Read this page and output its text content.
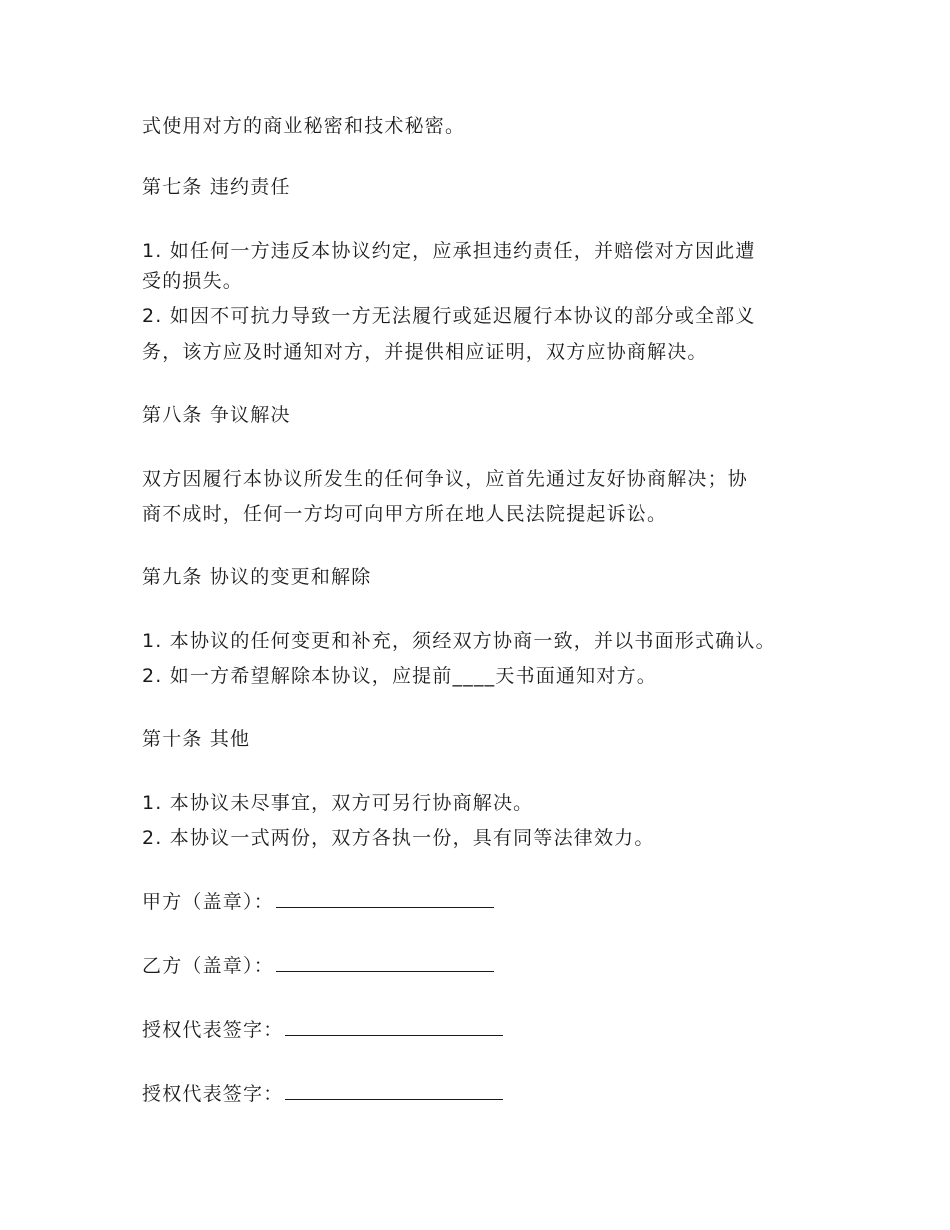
式使用对方的商业秘密和技术秘密。
第七条 违约责任
1. 如任何一方违反本协议约定，应承担违约责任，并赔偿对方因此遭
受的损失。
2. 如因不可抗力导致一方无法履行或延迟履行本协议的部分或全部义
务，该方应及时通知对方，并提供相应证明，双方应协商解决。
第八条 争议解决
双方因履行本协议所发生的任何争议，应首先通过友好协商解决；协
商不成时，任何一方均可向甲方所在地人民法院提起诉讼。
第九条 协议的变更和解除
1. 本协议的任何变更和补充，须经双方协商一致，并以书面形式确认。
2. 如一方希望解除本协议，应提前____天书面通知对方。
第十条 其他
1. 本协议未尽事宜，双方可另行协商解决。
2. 本协议一式两份，双方各执一份，具有同等法律效力。
甲方（盖章）：
乙方（盖章）：
授权代表签字：
授权代表签字：
